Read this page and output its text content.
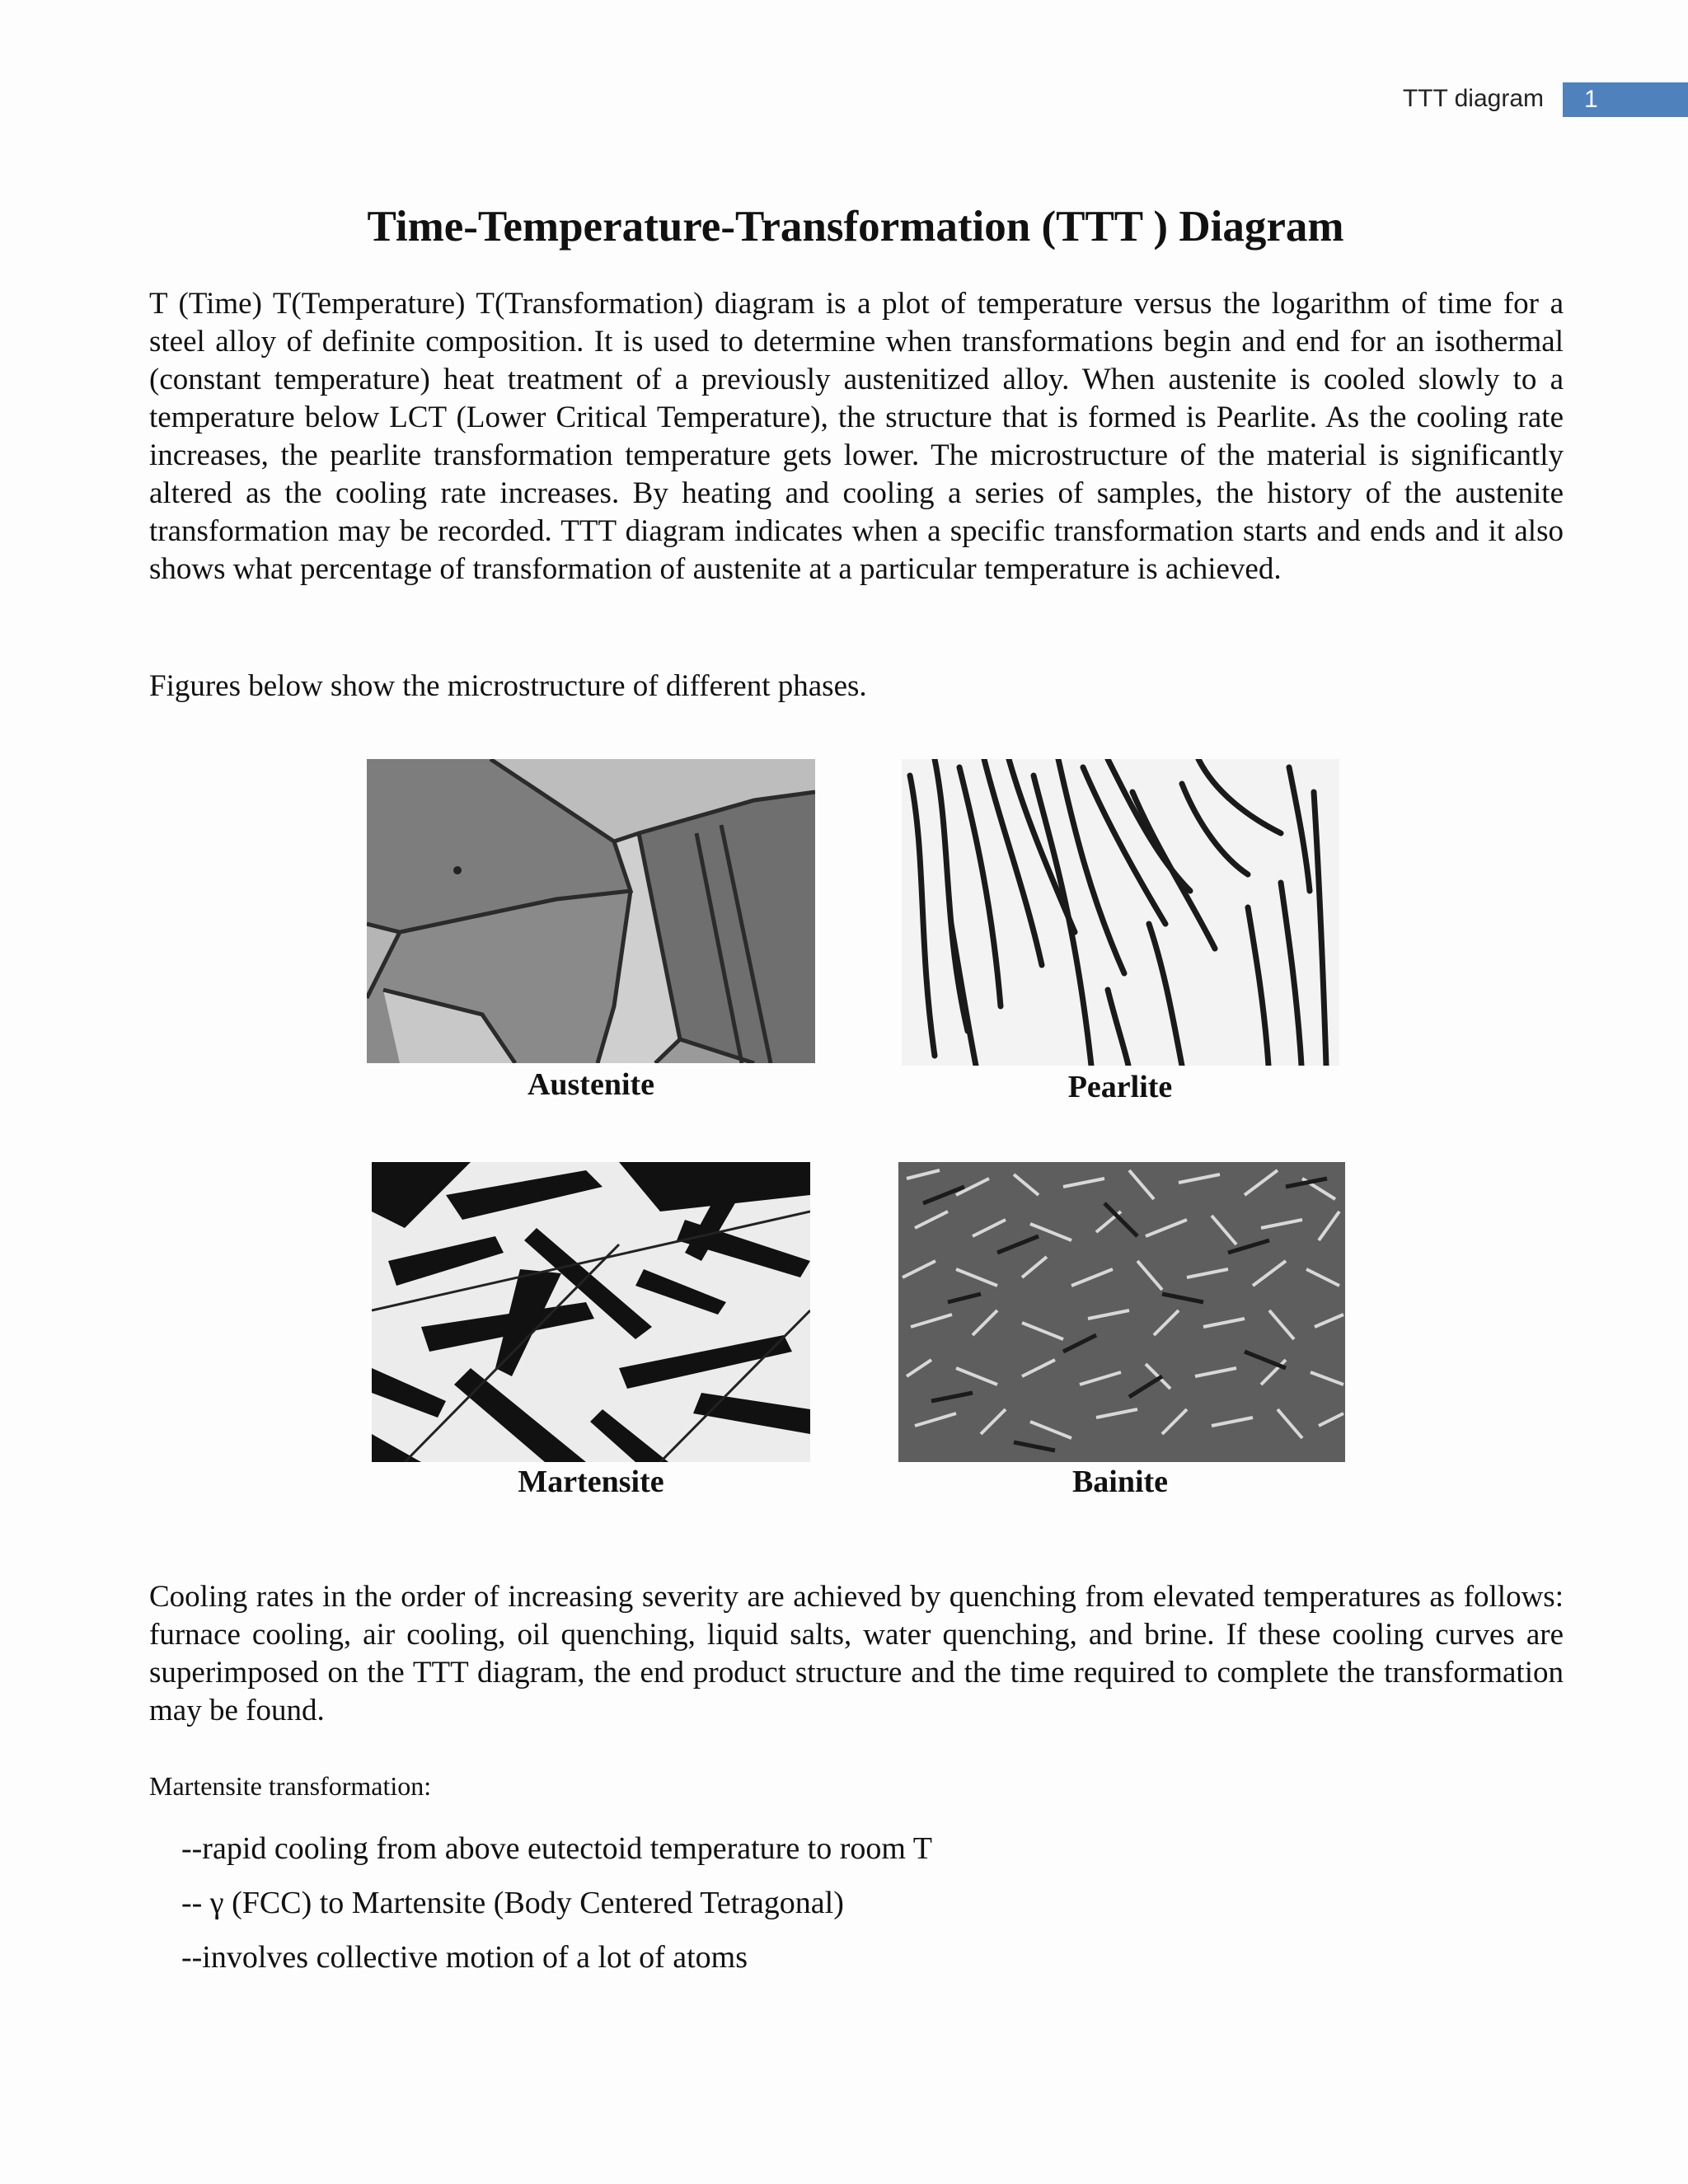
TTT diagram	1
Time-Temperature-Transformation (TTT ) Diagram

T (Time) T(Temperature) T(Transformation) diagram is a plot of temperature versus the logarithm of time for a steel alloy of definite composition. It is used to determine when transformations begin and end for an isothermal (constant temperature) heat treatment of a previously austenitized alloy. When austenite is cooled slowly to a temperature below LCT (Lower Critical Temperature), the structure that is formed is Pearlite. As the cooling rate increases, the pearlite transformation temperature gets lower. The microstructure of the material is significantly altered as the cooling rate increases. By heating and cooling a series of samples, the history of the austenite transformation may be recorded. TTT diagram indicates when a specific transformation starts and ends and it also shows what percentage of transformation of austenite at a particular temperature is achieved.

Figures below show the microstructure of different phases.

Austenite	Pearlite
Martensite	Bainite

Cooling rates in the order of increasing severity are achieved by quenching from elevated temperatures as follows: furnace cooling, air cooling, oil quenching, liquid salts, water quenching, and brine. If these cooling curves are superimposed on the TTT diagram, the end product structure and the time required to complete the transformation may be found.

Martensite transformation:
--rapid cooling from above eutectoid temperature to room T
-- γ (FCC) to Martensite (Body Centered Tetragonal)
--involves collective motion of a lot of atoms
